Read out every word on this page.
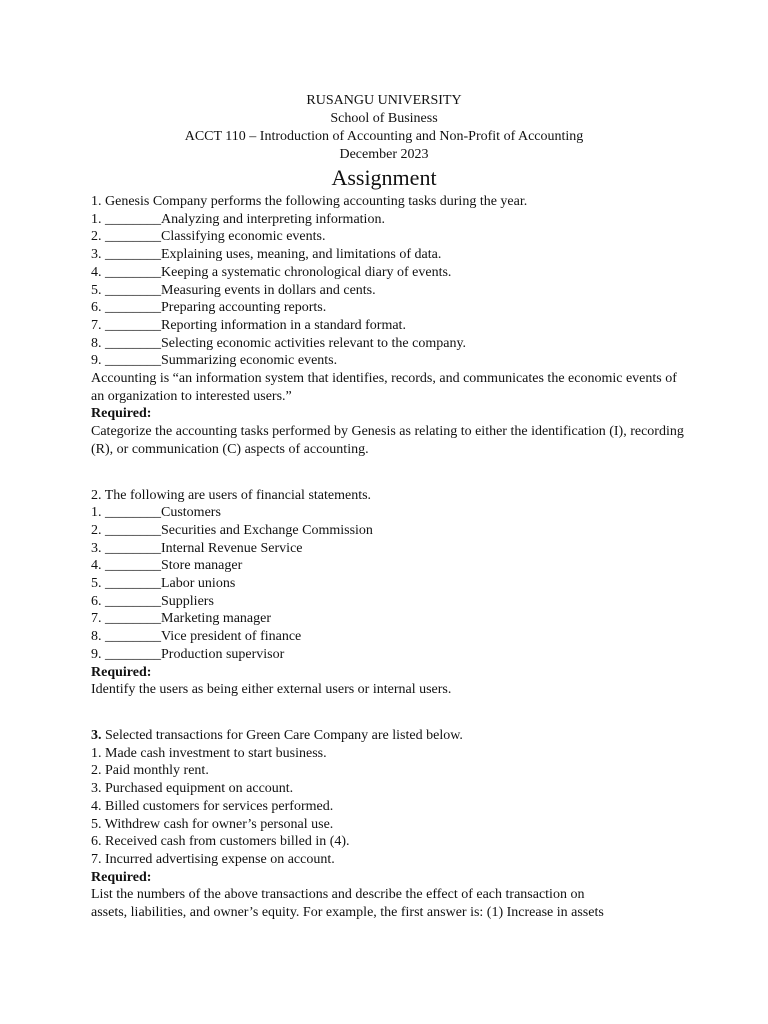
RUSANGU UNIVERSITY
School of Business
ACCT 110 – Introduction of Accounting and Non-Profit of Accounting
December 2023
Assignment
1. Genesis Company performs the following accounting tasks during the year.
1. ________Analyzing and interpreting information.
2. ________Classifying economic events.
3. ________Explaining uses, meaning, and limitations of data.
4. ________Keeping a systematic chronological diary of events.
5. ________Measuring events in dollars and cents.
6. ________Preparing accounting reports.
7. ________Reporting information in a standard format.
8. ________Selecting economic activities relevant to the company.
9. ________Summarizing economic events.
Accounting is “an information system that identifies, records, and communicates the economic events of an organization to interested users.”
Required:
Categorize the accounting tasks performed by Genesis as relating to either the identification (I), recording (R), or communication (C) aspects of accounting.
2. The following are users of financial statements.
1. ________Customers
2. ________Securities and Exchange Commission
3. ________Internal Revenue Service
4. ________Store manager
5. ________Labor unions
6. ________Suppliers
7. ________Marketing manager
8. ________Vice president of finance
9. ________Production supervisor
Required:
Identify the users as being either external users or internal users.
3. Selected transactions for Green Care Company are listed below.
1. Made cash investment to start business.
2. Paid monthly rent.
3. Purchased equipment on account.
4. Billed customers for services performed.
5. Withdrew cash for owner’s personal use.
6. Received cash from customers billed in (4).
7. Incurred advertising expense on account.
Required:
List the numbers of the above transactions and describe the effect of each transaction on
assets, liabilities, and owner’s equity. For example, the first answer is: (1) Increase in assets
